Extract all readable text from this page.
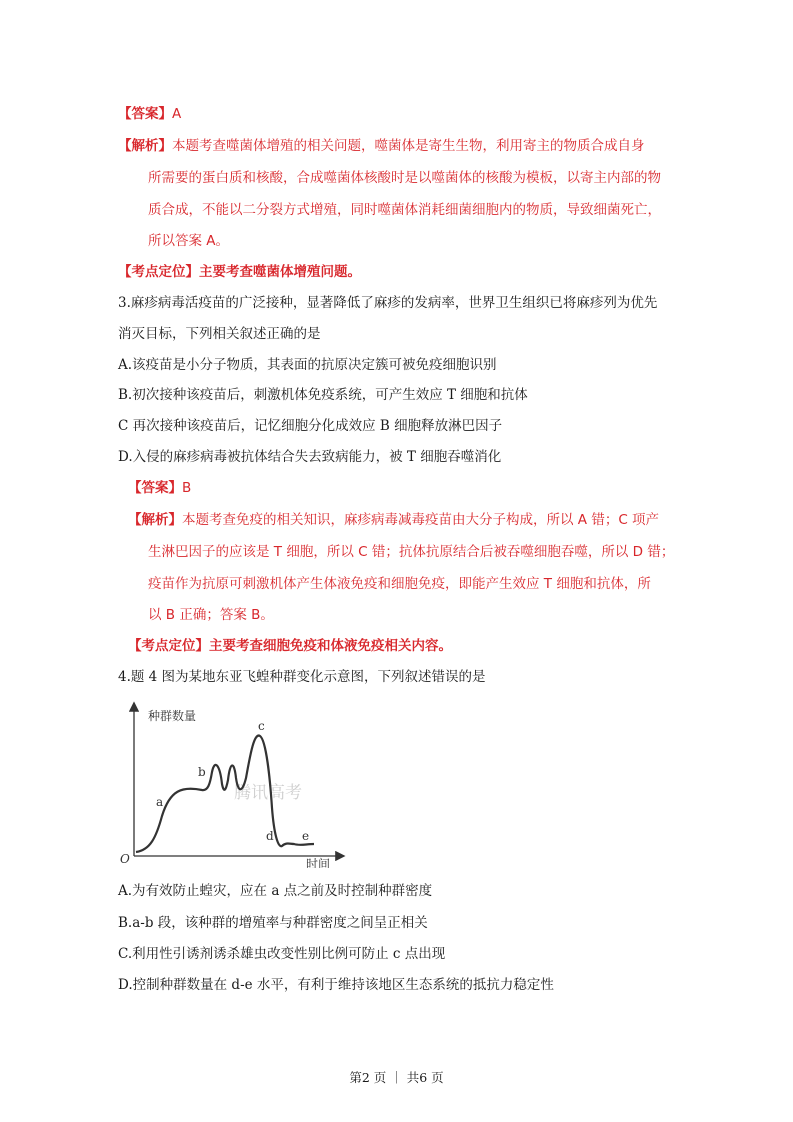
【答案】A
【解析】本题考查噬菌体增殖的相关问题，噬菌体是寄生生物，利用寄主的物质合成自身
所需要的蛋白质和核酸，合成噬菌体核酸时是以噬菌体的核酸为模板，以寄主内部的物
质合成，不能以二分裂方式增殖，同时噬菌体消耗细菌细胞内的物质，导致细菌死亡，
所以答案 A。
【考点定位】主要考查噬菌体增殖问题。
3.麻疹病毒活疫苗的广泛接种，显著降低了麻疹的发病率，世界卫生组织已将麻疹列为优先
消灭目标，下列相关叙述正确的是
A.该疫苗是小分子物质，其表面的抗原决定簇可被免疫细胞识别
B.初次接种该疫苗后，刺激机体免疫系统，可产生效应 T 细胞和抗体
C 再次接种该疫苗后，记忆细胞分化成效应 B 细胞释放淋巴因子
D.入侵的麻疹病毒被抗体结合失去致病能力，被 T 细胞吞噬消化
【答案】B
【解析】本题考查免疫的相关知识，麻疹病毒减毒疫苗由大分子构成，所以 A 错；C 项产
生淋巴因子的应该是 T 细胞，所以 C 错；抗体抗原结合后被吞噬细胞吞噬，所以 D 错；
疫苗作为抗原可刺激机体产生体液免疫和细胞免疫，即能产生效应 T 细胞和抗体，所
以 B 正确；答案 B。
【考点定位】主要考查细胞免疫和体液免疫相关内容。
4.题 4 图为某地东亚飞蝗种群变化示意图，下列叙述错误的是
腾讯高考
种群数量
时间
O
a
b
c
d e
A.为有效防止蝗灾，应在 a 点之前及时控制种群密度
B.a-b 段，该种群的增殖率与种群密度之间呈正相关
C.利用性引诱剂诱杀雄虫改变性别比例可防止 c 点出现
D.控制种群数量在 d-e 水平，有利于维持该地区生态系统的抵抗力稳定性
第2 页 ｜ 共6 页
